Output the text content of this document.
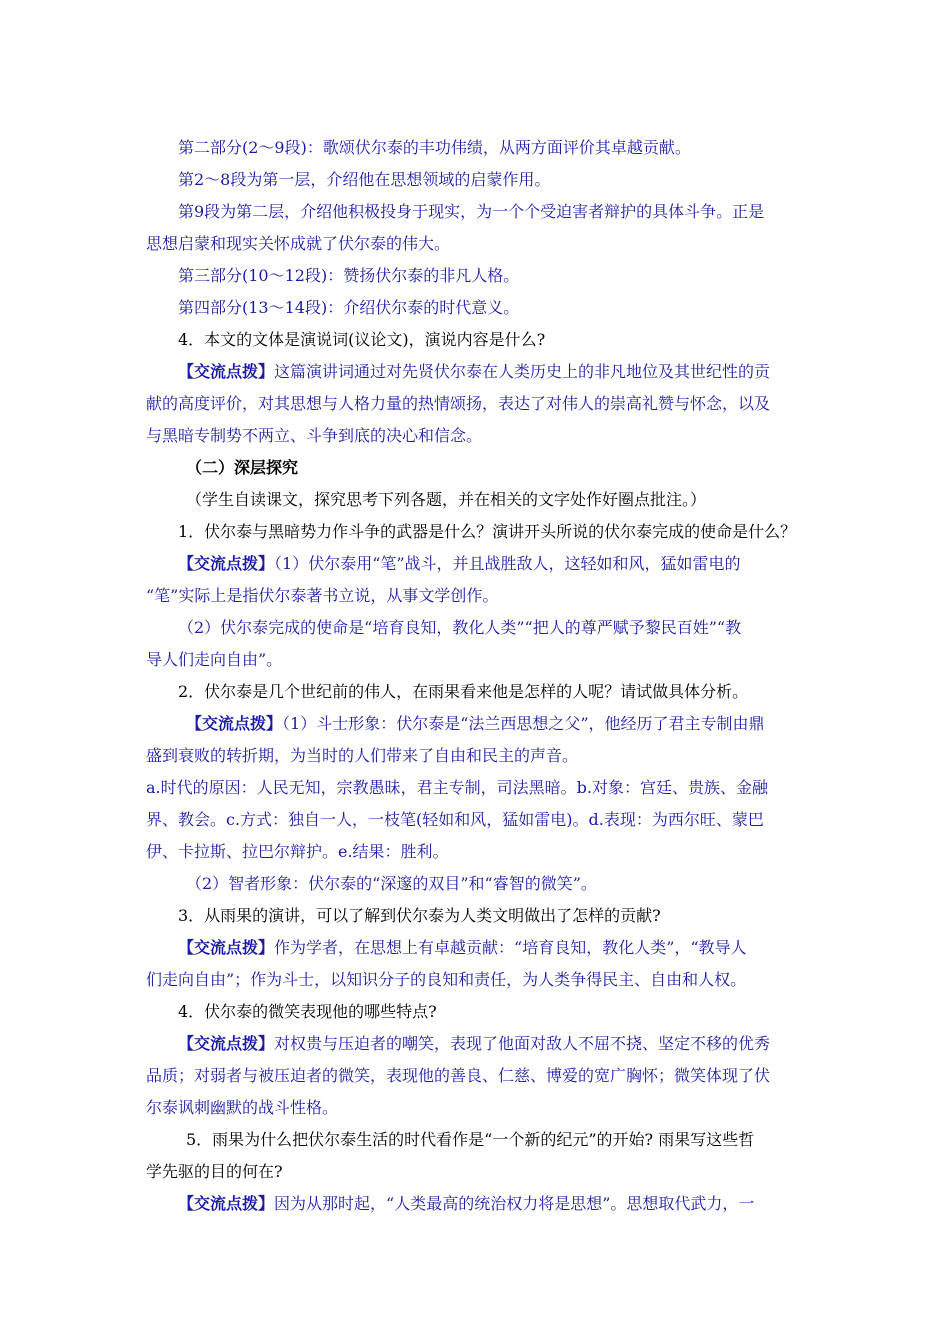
第二部分(2～9段)：歌颂伏尔泰的丰功伟绩，从两方面评价其卓越贡献。
第2～8段为第一层，介绍他在思想领域的启蒙作用。
第9段为第二层，介绍他积极投身于现实，为一个个受迫害者辩护的具体斗争。正是
思想启蒙和现实关怀成就了伏尔泰的伟大。
第三部分(10～12段)：赞扬伏尔泰的非凡人格。
第四部分(13～14段)：介绍伏尔泰的时代意义。
4．本文的文体是演说词(议论文)，演说内容是什么?
【交流点拨】这篇演讲词通过对先贤伏尔泰在人类历史上的非凡地位及其世纪性的贡
献的高度评价，对其思想与人格力量的热情颂扬，表达了对伟人的崇高礼赞与怀念，以及
与黑暗专制势不两立、斗争到底的决心和信念。
（二）深层探究
（学生自读课文，探究思考下列各题，并在相关的文字处作好圈点批注。）
1．伏尔泰与黑暗势力作斗争的武器是什么？演讲开头所说的伏尔泰完成的使命是什么？
【交流点拨】（1）伏尔泰用“笔”战斗，并且战胜敌人，这轻如和风，猛如雷电的
“笔”实际上是指伏尔泰著书立说，从事文学创作。
（2）伏尔泰完成的使命是“培育良知，教化人类”“把人的尊严赋予黎民百姓”“教
导人们走向自由”。
2．伏尔泰是几个世纪前的伟人，在雨果看来他是怎样的人呢？请试做具体分析。
【交流点拨】（1）斗士形象：伏尔泰是“法兰西思想之父”，他经历了君主专制由鼎
盛到衰败的转折期，为当时的人们带来了自由和民主的声音。
a.时代的原因：人民无知，宗教愚昧，君主专制，司法黑暗。b.对象：宫廷、贵族、金融
界、教会。c.方式：独自一人，一枝笔(轻如和风，猛如雷电)。d.表现：为西尔旺、蒙巴
伊、卡拉斯、拉巴尔辩护。e.结果：胜利。
（2）智者形象：伏尔泰的“深邃的双目”和“睿智的微笑”。
3．从雨果的演讲，可以了解到伏尔泰为人类文明做出了怎样的贡献?
【交流点拨】作为学者，在思想上有卓越贡献：“培育良知，教化人类”，“教导人
们走向自由”；作为斗士，以知识分子的良知和责任，为人类争得民主、自由和人权。
4．伏尔泰的微笑表现他的哪些特点?
【交流点拨】对权贵与压迫者的嘲笑，表现了他面对敌人不屈不挠、坚定不移的优秀
品质；对弱者与被压迫者的微笑，表现他的善良、仁慈、博爱的宽广胸怀；微笑体现了伏
尔泰讽刺幽默的战斗性格。
5．雨果为什么把伏尔泰生活的时代看作是“一个新的纪元”的开始? 雨果写这些哲
学先驱的目的何在?
【交流点拨】因为从那时起，“人类最高的统治权力将是思想”。思想取代武力，一
